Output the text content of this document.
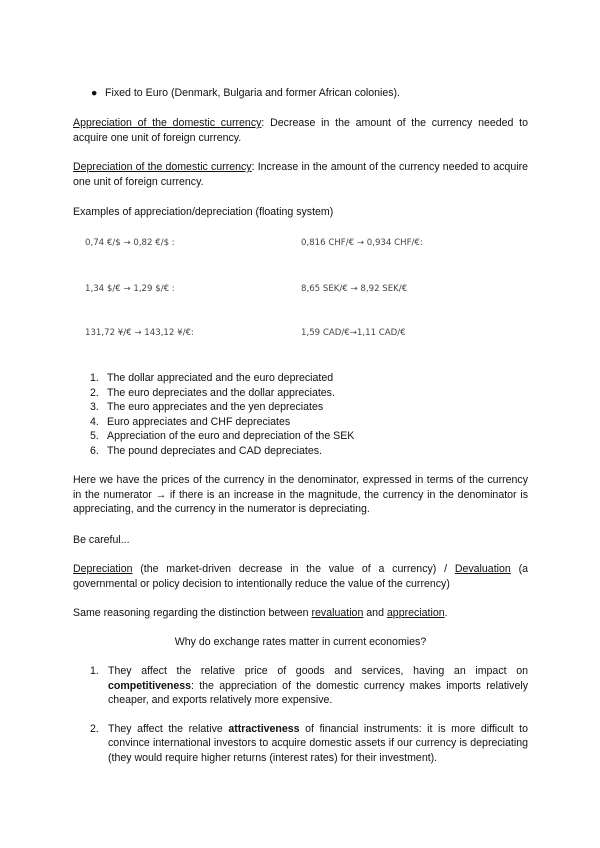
● Fixed to Euro (Denmark, Bulgaria and former African colonies).

Appreciation of the domestic currency: Decrease in the amount of the currency needed to acquire one unit of foreign currency.

Depreciation of the domestic currency: Increase in the amount of the currency needed to acquire one unit of foreign currency.

Examples of appreciation/depreciation (floating system)

0,74 €/$ → 0,82 €/$ :	0,816 CHF/€ → 0,934 CHF/€:
1,34 $/€ → 1,29 $/€ :	8,65 SEK/€ → 8,92 SEK/€
131,72 ¥/€ → 143,12 ¥/€:	1,59 CAD/€→1,11 CAD/€
1. The dollar appreciated and the euro depreciated
2. The euro depreciates and the dollar appreciates.
3. The euro appreciates and the yen depreciates
4. Euro appreciates and CHF depreciates
5. Appreciation of the euro and depreciation of the SEK
6. The pound depreciates and CAD depreciates.

Here we have the prices of the currency in the denominator, expressed in terms of the currency in the numerator → if there is an increase in the magnitude, the currency in the denominator is appreciating, and the currency in the numerator is depreciating.

Be careful...

Depreciation (the market-driven decrease in the value of a currency) / Devaluation (a governmental or policy decision to intentionally reduce the value of the currency)

Same reasoning regarding the distinction between revaluation and appreciation.

Why do exchange rates matter in current economies?

1. They affect the relative price of goods and services, having an impact on competitiveness: the appreciation of the domestic currency makes imports relatively cheaper, and exports relatively more expensive.

2. They affect the relative attractiveness of financial instruments: it is more difficult to convince international investors to acquire domestic assets if our currency is depreciating (they would require higher returns (interest rates) for their investment).
